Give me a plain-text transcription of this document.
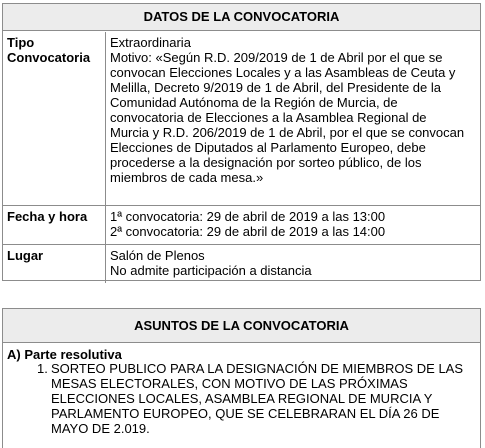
DATOS DE LA CONVOCATORIA
Tipo
Convocatoria
Extraordinaria
Motivo: «Según R.D. 209/2019 de 1 de Abril por el que se
convocan Elecciones Locales y a las Asambleas de Ceuta y
Melilla, Decreto 9/2019 de 1 de Abril, del Presidente de la
Comunidad Autónoma de la Región de Murcia, de
convocatoria de Elecciones a la Asamblea Regional de
Murcia y R.D. 206/2019 de 1 de Abril, por el que se convocan
Elecciones de Diputados al Parlamento Europeo, debe
procederse a la designación por sorteo público, de los
miembros de cada mesa.»
Fecha y hora	1ª convocatoria: 29 de abril de 2019 a las 13:00
2ª convocatoria: 29 de abril de 2019 a las 14:00
Lugar	Salón de Plenos
No admite participación a distancia
ASUNTOS DE LA CONVOCATORIA
A) Parte resolutiva
1. SORTEO PUBLICO PARA LA DESIGNACIÓN DE MIEMBROS DE LAS
MESAS ELECTORALES, CON MOTIVO DE LAS PRÓXIMAS
ELECCIONES LOCALES, ASAMBLEA REGIONAL DE MURCIA Y
PARLAMENTO EUROPEO, QUE SE CELEBRARAN EL DÍA 26 DE
MAYO DE 2.019.
